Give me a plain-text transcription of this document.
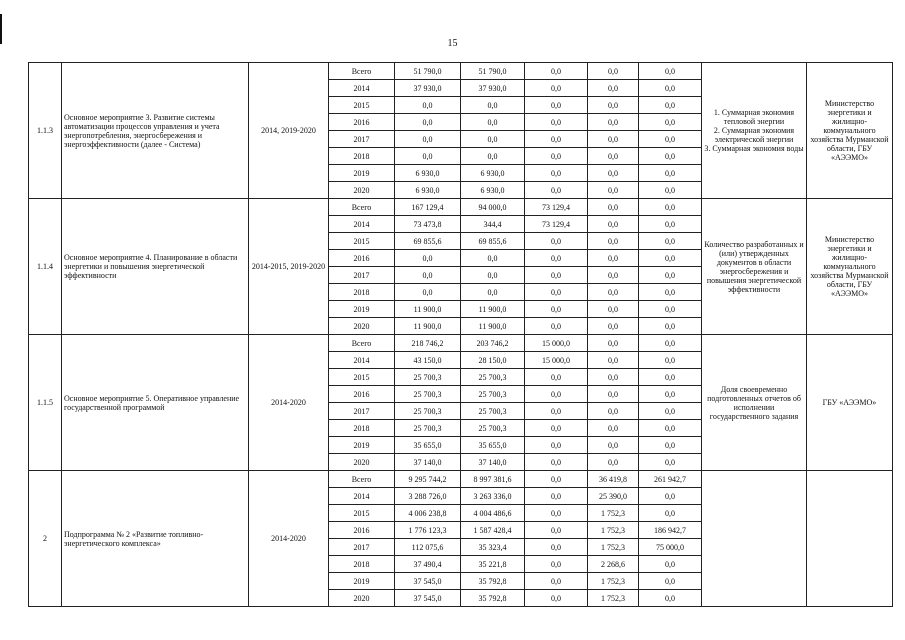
15
1.1.3	Основное мероприятие 3. Развитие системы автоматизации процессов управления и учета энергопотребления, энергосбережения и энергоэффективности (далее - Система)	2014, 2019-2020	Всего	51 790,0	51 790,0	0,0	0,0	0,0	1. Суммарная экономия тепловой энергии
2. Суммарная экономия электрической энергии
3. Суммарная экономия воды	Министерство энергетики и жилищно-коммунального хозяйства Мурманской области, ГБУ «АЭЭМО»
			2014	37 930,0	37 930,0	0,0	0,0	0,0		
			2015	0,0	0,0	0,0	0,0	0,0		
			2016	0,0	0,0	0,0	0,0	0,0		
			2017	0,0	0,0	0,0	0,0	0,0		
			2018	0,0	0,0	0,0	0,0	0,0		
			2019	6 930,0	6 930,0	0,0	0,0	0,0		
			2020	6 930,0	6 930,0	0,0	0,0	0,0		
1.1.4	Основное мероприятие 4. Планирование в области энергетики и повышения энергетической эффективности	2014-2015, 2019-2020	Всего	167 129,4	94 000,0	73 129,4	0,0	0,0	Количество разработанных и (или) утвержденных документов в области энергосбережения и повышения энергетической эффективности	Министерство энергетики и жилищно-коммунального хозяйства Мурманской области, ГБУ «АЭЭМО»
			2014	73 473,8	344,4	73 129,4	0,0	0,0		
			2015	69 855,6	69 855,6	0,0	0,0	0,0		
			2016	0,0	0,0	0,0	0,0	0,0		
			2017	0,0	0,0	0,0	0,0	0,0		
			2018	0,0	0,0	0,0	0,0	0,0		
			2019	11 900,0	11 900,0	0,0	0,0	0,0		
			2020	11 900,0	11 900,0	0,0	0,0	0,0		
1.1.5	Основное мероприятие 5. Оперативное управление государственной программой	2014-2020	Всего	218 746,2	203 746,2	15 000,0	0,0	0,0	Доля своевременно подготовленных отчетов об исполнении государственного задания	ГБУ «АЭЭМО»
			2014	43 150,0	28 150,0	15 000,0	0,0	0,0		
			2015	25 700,3	25 700,3	0,0	0,0	0,0		
			2016	25 700,3	25 700,3	0,0	0,0	0,0		
			2017	25 700,3	25 700,3	0,0	0,0	0,0		
			2018	25 700,3	25 700,3	0,0	0,0	0,0		
			2019	35 655,0	35 655,0	0,0	0,0	0,0		
			2020	37 140,0	37 140,0	0,0	0,0	0,0		
2	Подпрограмма № 2 «Развитие топливно-энергетического комплекса»	2014-2020	Всего	9 295 744,2	8 997 381,6	0,0	36 419,8	261 942,7	

			2014	3 288 726,0	3 263 336,0	0,0	25 390,0	0,0		
			2015	4 006 238,8	4 004 486,6	0,0	1 752,3	0,0		
			2016	1 776 123,3	1 587 428,4	0,0	1 752,3	186 942,7		
			2017	112 075,6	35 323,4	0,0	1 752,3	75 000,0		
			2018	37 490,4	35 221,8	0,0	2 268,6	0,0		
			2019	37 545,0	35 792,8	0,0	1 752,3	0,0		
			2020	37 545,0	35 792,8	0,0	1 752,3	0,0		
